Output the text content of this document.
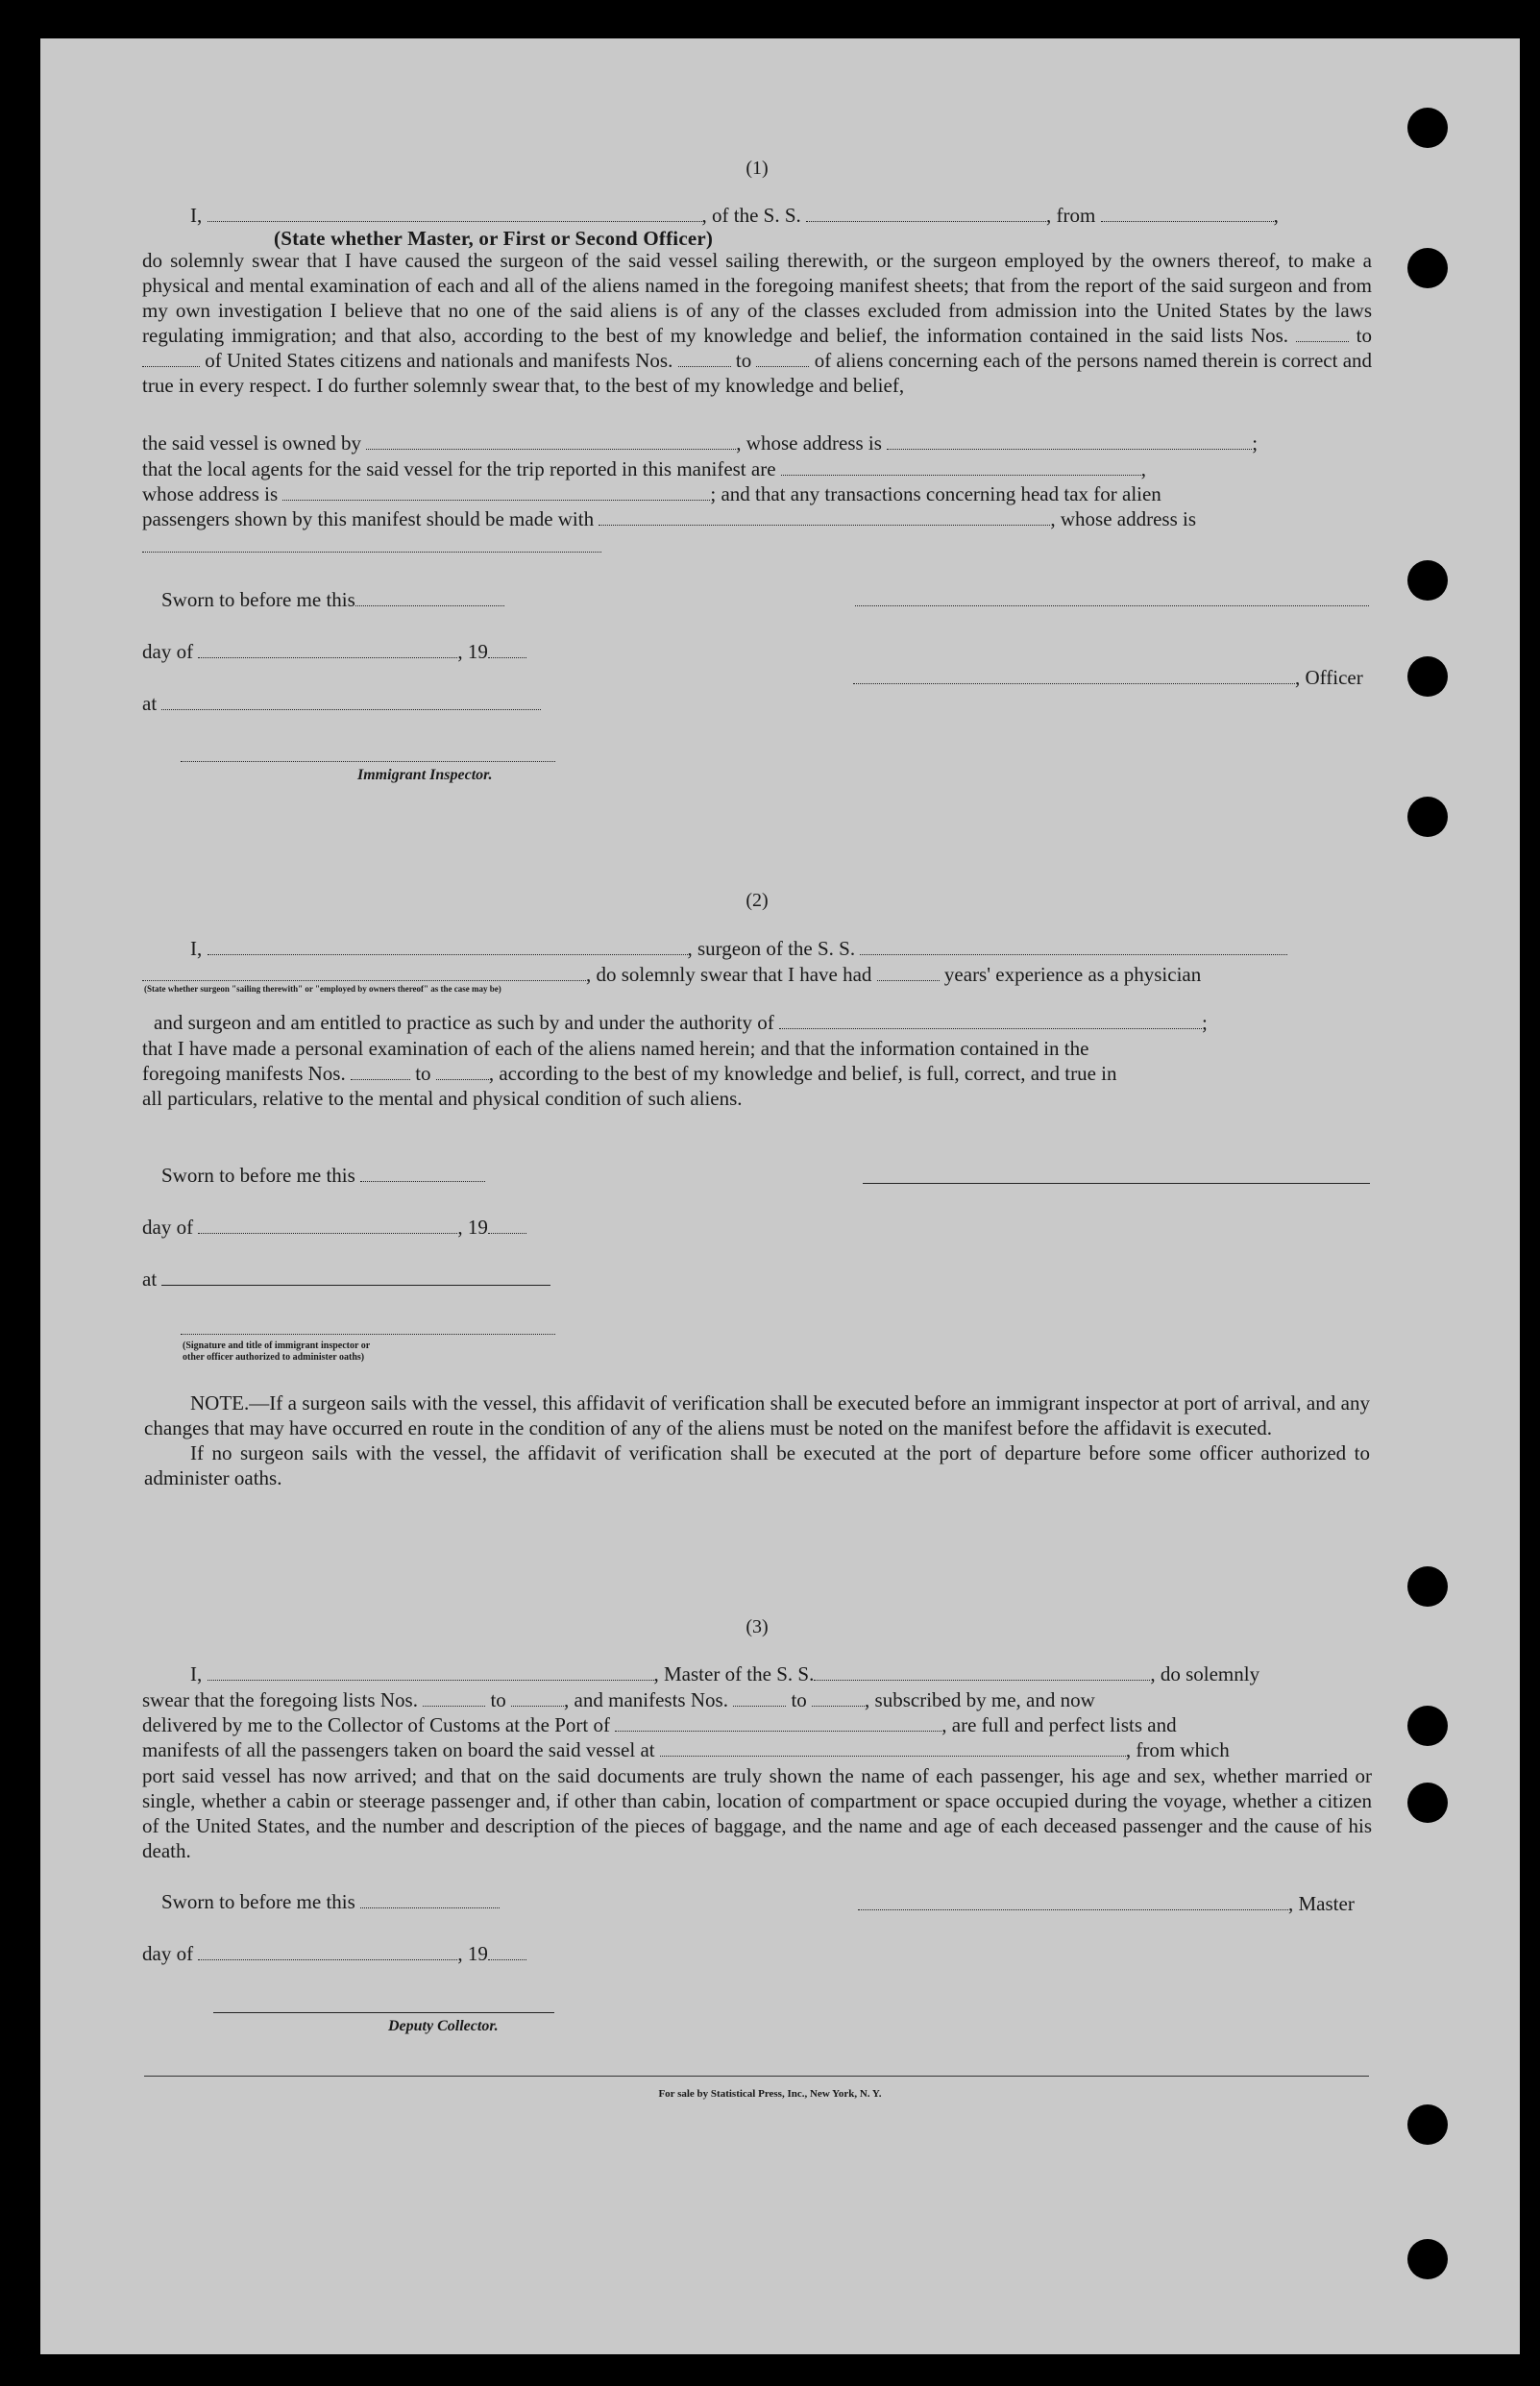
(1)
I,	, of the S. S.	, from	,
(State whether Master, or First or Second Officer)
do solemnly swear that I have caused the surgeon of the said vessel sailing therewith, or the surgeon employed by the owners thereof, to make a physical and mental examination of each and all of the aliens named in the foregoing manifest sheets; that from the report of the said surgeon and from my own investigation I believe that no one of the said aliens is of any of the classes excluded from admission into the United States by the laws regulating immigration; and that also, according to the best of my knowledge and belief, the information contained in the said lists Nos.	to  of United States citizens and nationals and manifests Nos.	to	of aliens concerning each of the persons named therein is correct and true in every respect. I do further solemnly swear that, to the best of my knowledge and belief,
the said vessel is owned by	, whose address is	;
that the local agents for the said vessel for the trip reported in this manifest are	,
whose address is	; and that any transactions concerning head tax for alien
passengers shown by this manifest should be made with	, whose address is
Sworn to before me this
day of	, 19
, Officer
at
Immigrant Inspector.
(2)
I,	, surgeon of the S. S.
, do solemnly swear that I have had	years' experience as a physician
(State whether surgeon "sailing therewith" or "employed by owners thereof" as the case may be)
and surgeon and am entitled to practice as such by and under the authority of	;
that I have made a personal examination of each of the aliens named herein; and that the information contained in the
foregoing manifests Nos.	to	, according to the best of my knowledge and belief, is full, correct, and true in
all particulars, relative to the mental and physical condition of such aliens.
Sworn to before me this
day of	, 19
at
(Signature and title of immigrant inspector or
other officer authorized to administer oaths)
NOTE.—If a surgeon sails with the vessel, this affidavit of verification shall be executed before an immigrant inspector at port of arrival, and any changes that may have occurred en route in the condition of any of the aliens must be noted on the manifest before the affidavit is executed.
If no surgeon sails with the vessel, the affidavit of verification shall be executed at the port of departure before some officer authorized to administer oaths.
(3)
I,	, Master of the S. S.	, do solemnly
swear that the foregoing lists Nos.	to	, and manifests Nos.	to	, subscribed by me, and now
delivered by me to the Collector of Customs at the Port of	, are full and perfect lists and
manifests of all the passengers taken on board the said vessel at	, from which
port said vessel has now arrived; and that on the said documents are truly shown the name of each passenger, his age and sex, whether married or single, whether a cabin or steerage passenger and, if other than cabin, location of compartment or space occupied during the voyage, whether a citizen of the United States, and the number and description of the pieces of baggage, and the name and age of each deceased passenger and the cause of his death.
Sworn to before me this	, Master
day of	, 19
Deputy Collector.
For sale by Statistical Press, Inc., New York, N. Y.
